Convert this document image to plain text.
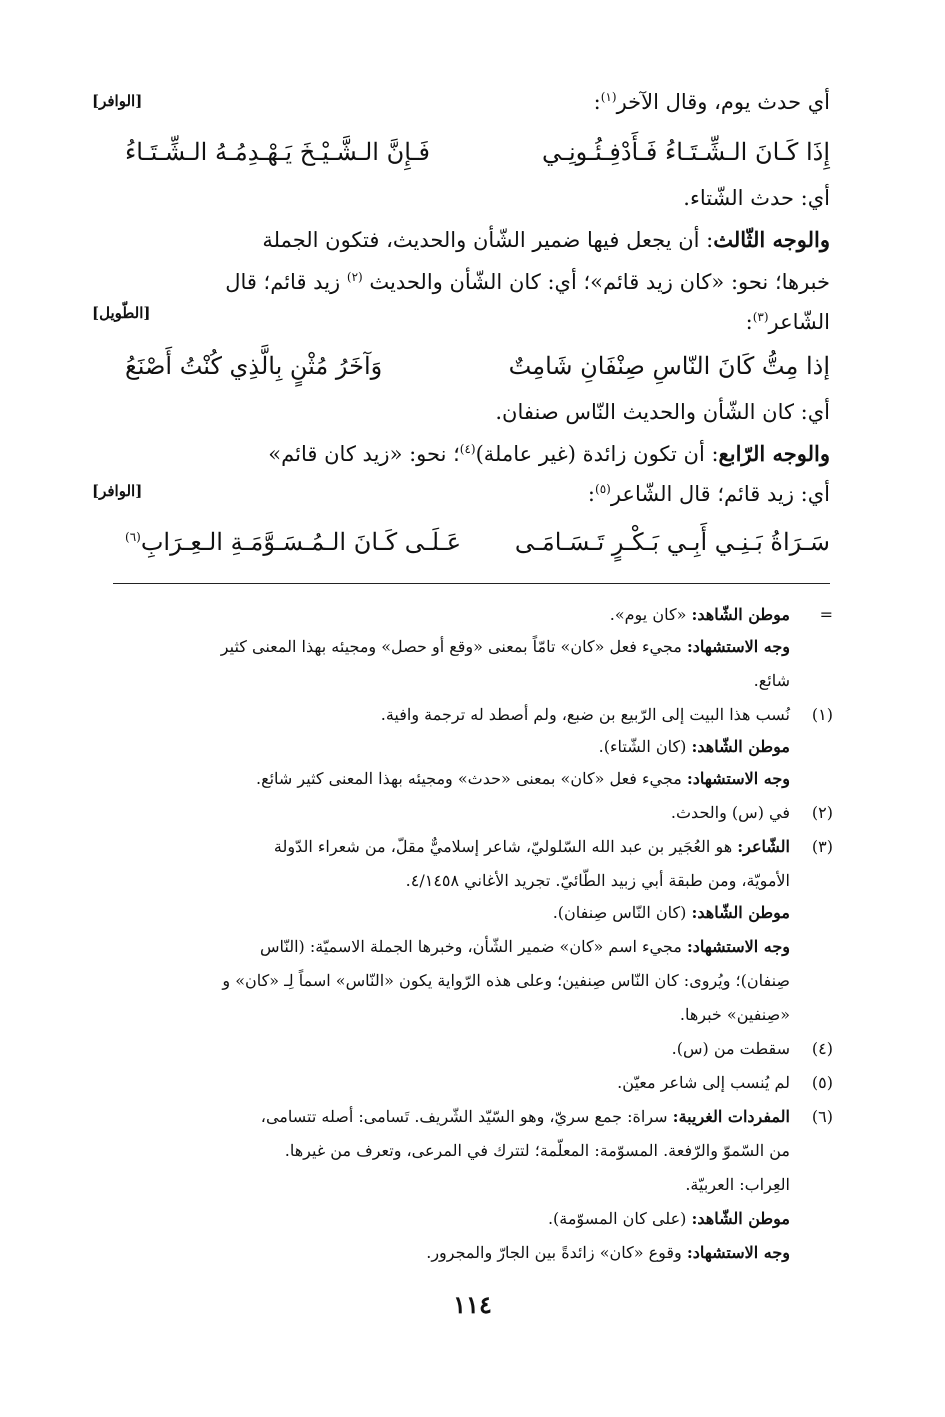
أي حدث يوم، وقال الآخر$^{(١)}$:
[الوافر]
إِذَا كَـانَ الـشِّـتَـاءُ فَـأَدْفِـئُـونِـي
فَـإِنَّ الـشَّـيْـخَ يَـهْـدِمُـهُ الـشِّـتَـاءُ
أي: حدث الشّتاء.
والوجه الثّالث: أن يجعل فيها ضمير الشّأن والحديث، فتكون الجملة
خبرها؛ نحو: «كان زيد قائم»؛ أي: كان الشّأن والحديث $^{(٢)}$ زيد قائم؛ قال
الشّاعر$^{(٣)}$:
[الطّويل]
إذا مِتُّ كَانَ النّاسِ صِنْفَانِ شَامِتٌ
وَآخَرُ مُثْنٍ بِالَّذِي كُنْتُ أَصْنَعُ
أي: كان الشّأن والحديث النّاس صنفان.
والوجه الرّابع: أن تكون زائدة (غير عاملة)$^{(٤)}$؛ نحو: «زيد كان قائم»
أي: زيد قائم؛ قال الشّاعر$^{(٥)}$:
[الوافر]
سَـرَاةُ بَـنِـي أَبِـي بَـكْـرٍ تَـسَـامَـى
عَـلَـى كَـانَ الـمُـسَـوَّمَـةِ الـعِـرَابِ$^{(٦)}$
=
موطن الشّاهد: «كان يوم».
وجه الاستشهاد: مجيء فعل «كان» تامّاً بمعنى «وقع أو حصل» ومجيئه بهذا المعنى كثير
شائع.
(١)
نُسب هذا البيت إلى الرّبيع بن ضبع، ولم أصطد له ترجمة وافية.
موطن الشّاهد: (كان الشّتاء).
وجه الاستشهاد: مجيء فعل «كان» بمعنى «حدث» ومجيئه بهذا المعنى كثير شائع.
(٢)
في (س) والحدث.
(٣)
الشّاعر: هو العُجَير بن عبد الله السّلوليّ، شاعر إسلاميٌّ مقلّ، من شعراء الدّولة
الأمويّة، ومن طبقة أبي زبيد الطّائيّ. تجريد الأغاني ٤/١٤٥٨.
موطن الشّاهد: (كان النّاس صِنفان).
وجه الاستشهاد: مجيء اسم «كان» ضمير الشّأن، وخبرها الجملة الاسميّة: (النّاس
صِنفان)؛ ويُروى: كان النّاس صِنفين؛ وعلى هذه الرّواية يكون «النّاس» اسماً لِـ «كان» و
«صِنفين» خبرها.
(٤)
سقطت من (س).
(٥)
لم يُنسب إلى شاعر معيّن.
(٦)
المفردات الغريبة: سراة: جمع سريّ، وهو السّيّد الشّريف. تَسامى: أصله تتسامى،
من السّموّ والرّفعة. المسوّمة: المعلّمة؛ لتترك في المرعى، وتعرف من غيرها.
العِراب: العربيّة.
موطن الشّاهد: (على كان المسوّمة).
وجه الاستشهاد: وقوع «كان» زائدةً بين الجارّ والمجرور.
١١٤
